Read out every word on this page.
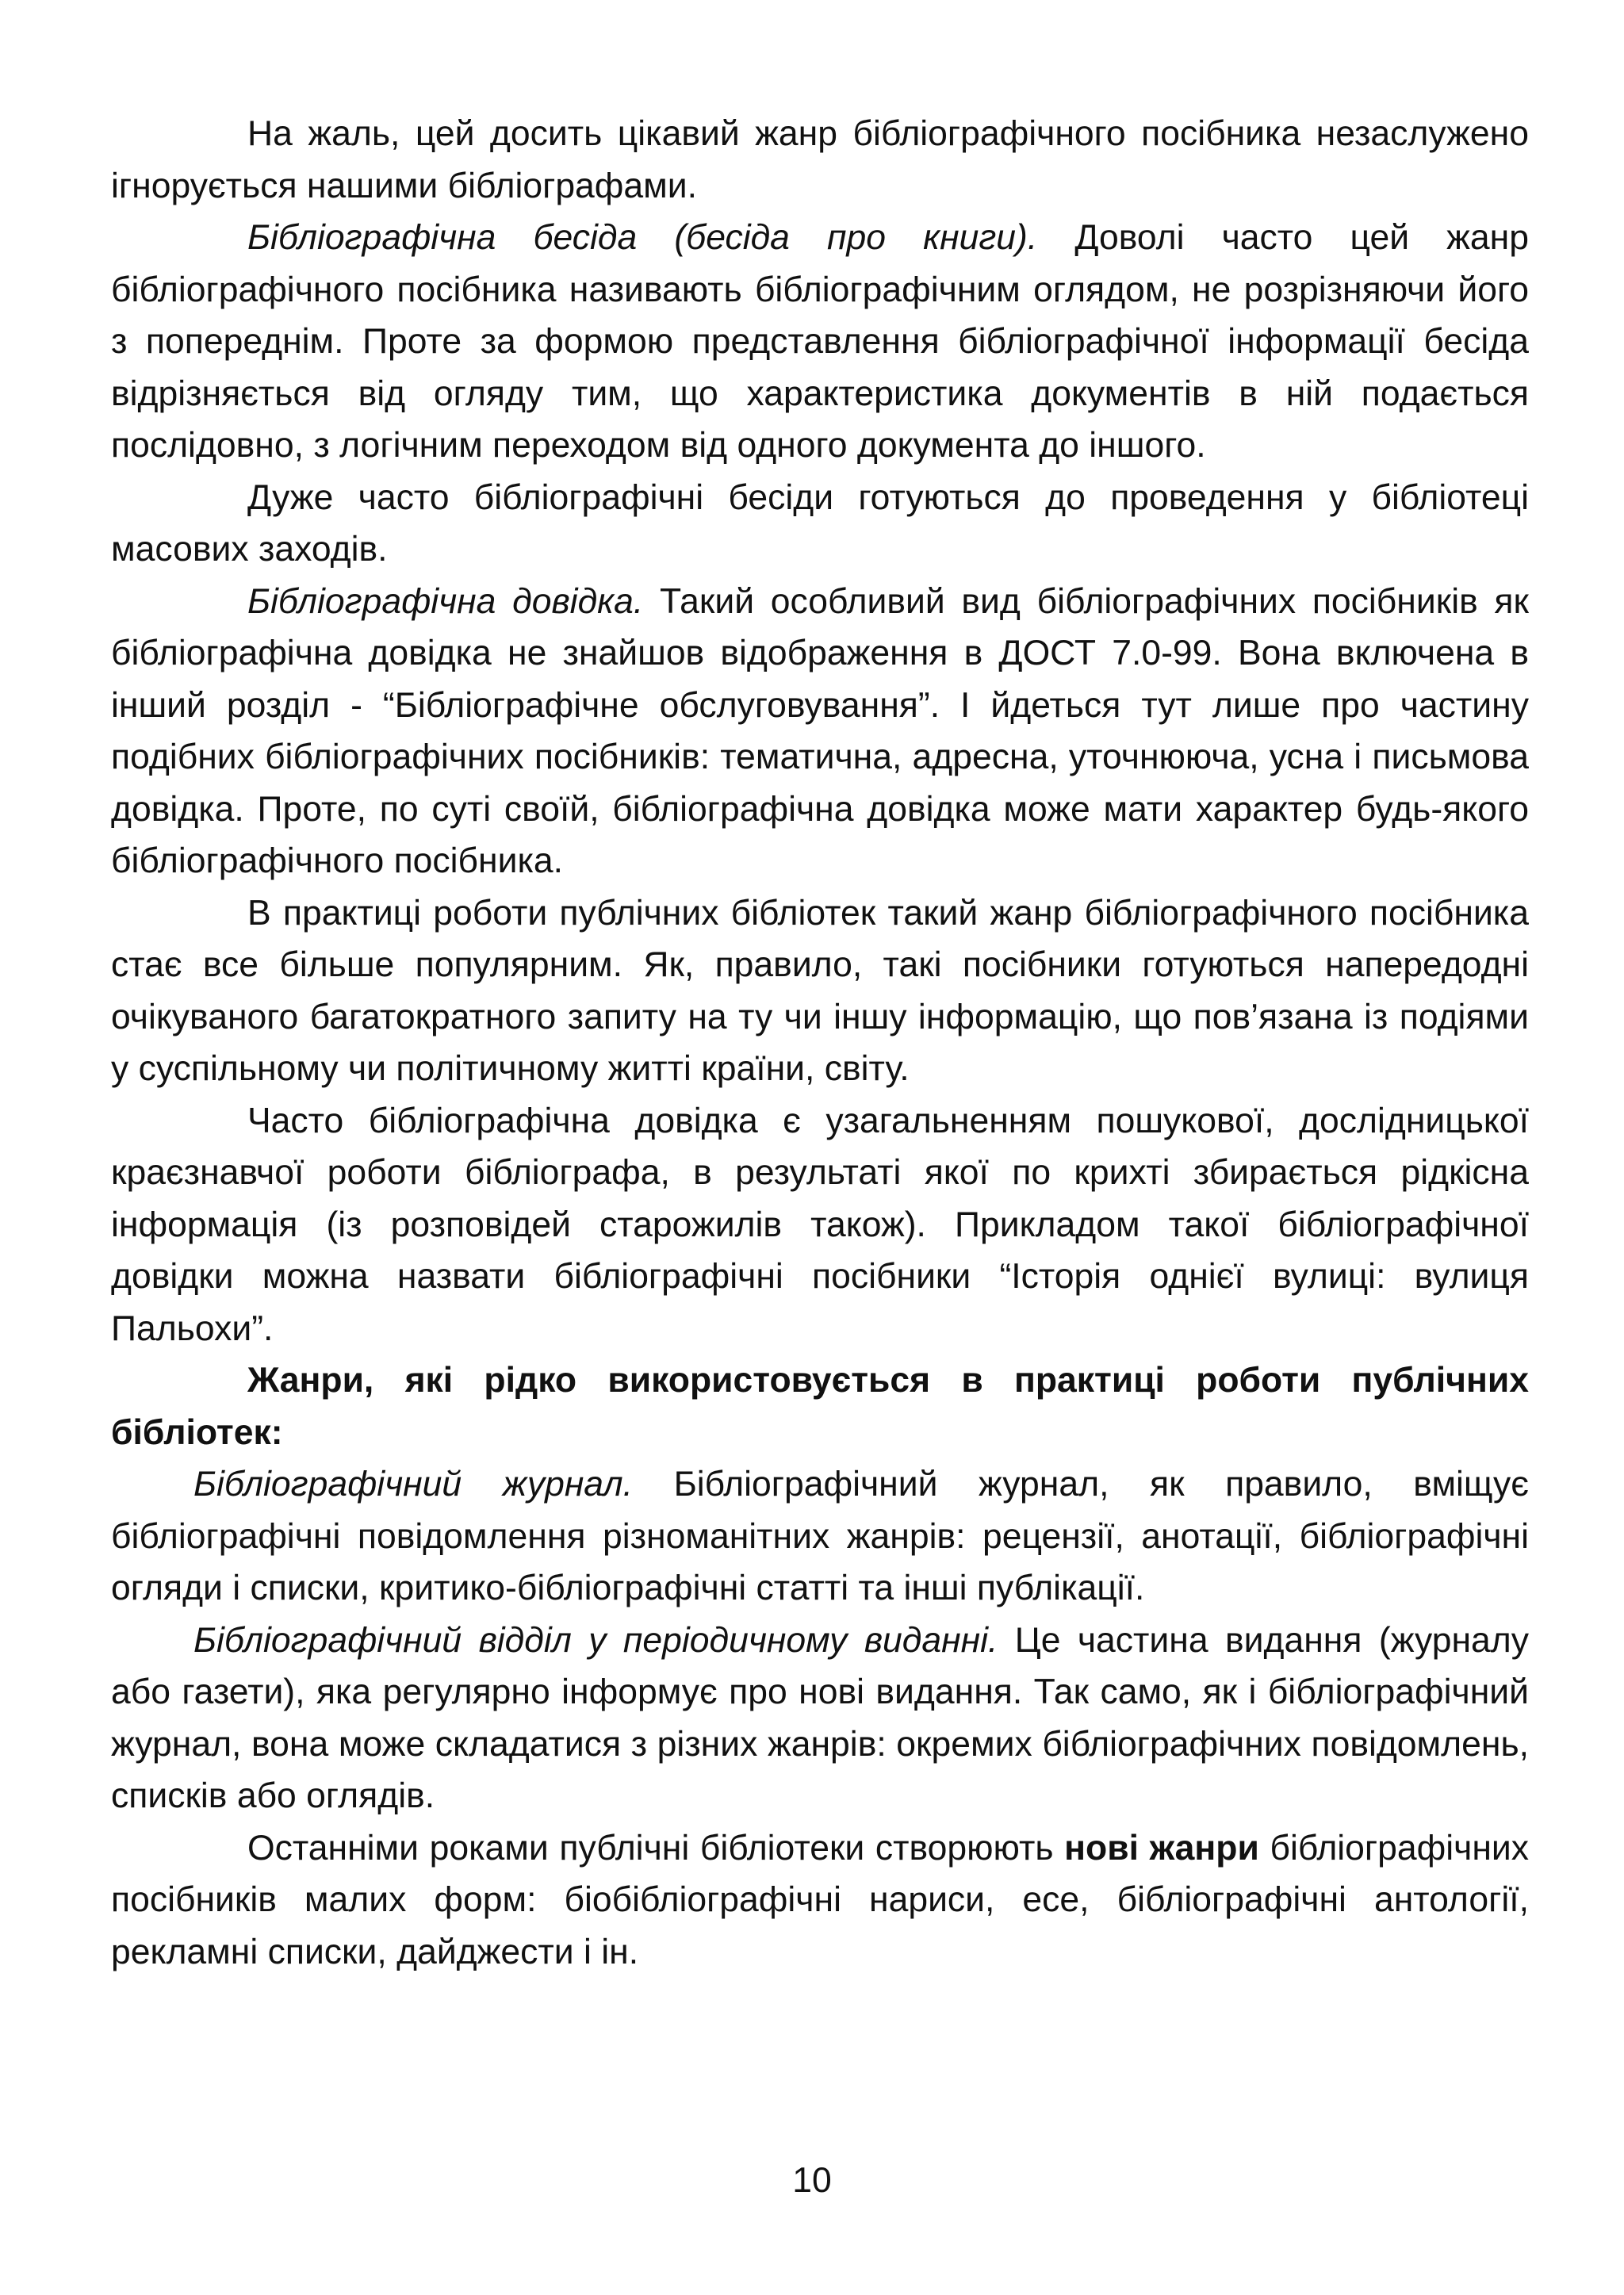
На жаль, цей досить цікавий жанр бібліографічного посібника незаслужено ігнорується нашими бібліографами.

Бібліографічна бесіда (бесіда про книги). Доволі часто цей жанр бібліографічного посібника називають бібліографічним оглядом, не розрізняючи його з попереднім. Проте за формою представлення бібліографічної інформації бесіда відрізняється від огляду тим, що характеристика документів в ній подається послідовно, з логічним переходом від одного документа до іншого.

Дуже часто бібліографічні бесіди готуються до проведення у бібліотеці масових заходів.

Бібліографічна довідка. Такий особливий вид бібліографічних посібників як бібліографічна довідка не знайшов відображення в ДОСТ 7.0-99. Вона включена в інший розділ - “Бібліографічне обслуговування”. І йдеться тут лише про частину подібних бібліографічних посібників: тематична, адресна, уточнююча, усна і письмова довідка. Проте, по суті своїй, бібліографічна довідка може мати характер будь-якого бібліографічного посібника.

В практиці роботи публічних бібліотек такий жанр бібліографічного посібника стає все більше популярним. Як, правило, такі посібники готуються напередодні очікуваного багатократного запиту на ту чи іншу інформацію, що пов’язана із подіями у суспільному чи політичному житті країни, світу.

Часто бібліографічна довідка є узагальненням пошукової, дослідницької краєзнавчої роботи бібліографа, в результаті якої по крихті збирається рідкісна інформація (із розповідей старожилів також). Прикладом такої бібліографічної довідки можна назвати бібліографічні посібники “Історія однієї вулиці: вулиця Пальохи”.

Жанри, які рідко використовується в практиці роботи публічних бібліотек:

Бібліографічний журнал. Бібліографічний журнал, як правило, вміщує бібліографічні повідомлення різноманітних жанрів: рецензії, анотації, бібліографічні огляди і списки, критико-бібліографічні статті та інші публікації.

Бібліографічний відділ у періодичному виданні. Це частина видання (журналу або газети), яка регулярно інформує про нові видання. Так само, як і бібліографічний журнал, вона може складатися з різних жанрів: окремих бібліографічних повідомлень, списків або оглядів.

Останніми роками публічні бібліотеки створюють нові жанри бібліографічних посібників малих форм: біобібліографічні нариси, есе, бібліографічні антології, рекламні списки, дайджести і ін.

10
